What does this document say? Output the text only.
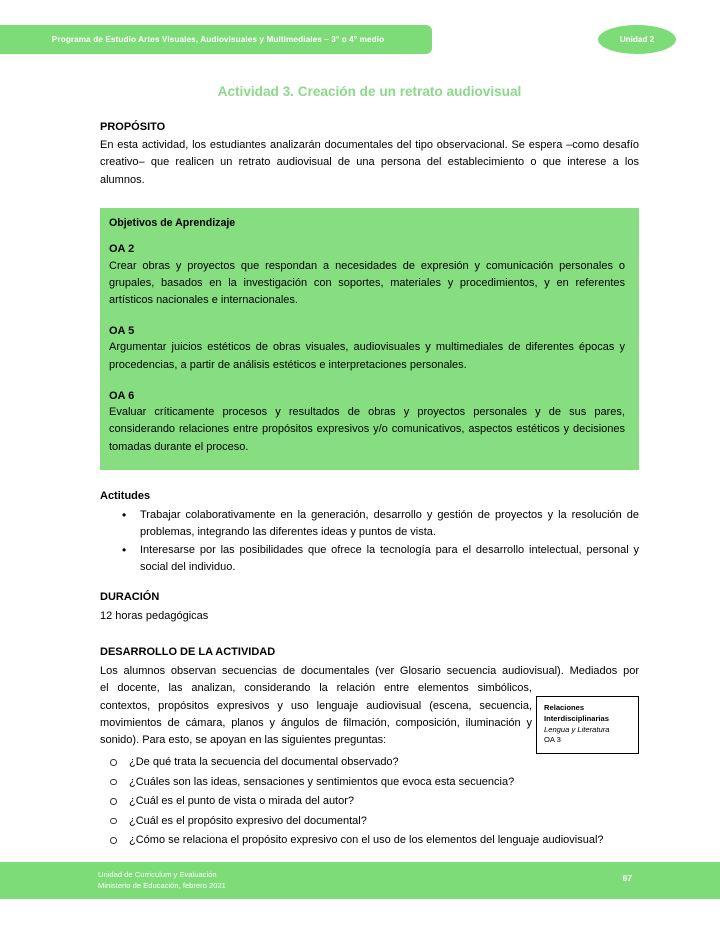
Programa de Estudio Artes Visuales, Audiovisuales y Multimediales – 3° o 4° medio	Unidad 2
Actividad 3. Creación de un retrato audiovisual
PROPÓSITO

En esta actividad, los estudiantes analizarán documentales del tipo observacional. Se espera –como desafío creativo– que realicen un retrato audiovisual de una persona del establecimiento o que interese a los alumnos.

Objetivos de Aprendizaje
OA 2

Crear obras y proyectos que respondan a necesidades de expresión y comunicación personales o grupales, basados en la investigación con soportes, materiales y procedimientos, y en referentes artísticos nacionales e internacionales.

OA 5

Argumentar juicios estéticos de obras visuales, audiovisuales y multimediales de diferentes épocas y procedencias, a partir de análisis estéticos e interpretaciones personales.

OA 6

Evaluar críticamente procesos y resultados de obras y proyectos personales y de sus pares, considerando relaciones entre propósitos expresivos y/o comunicativos, aspectos estéticos y decisiones tomadas durante el proceso.

Actitudes
• Trabajar colaborativamente en la generación, desarrollo y gestión de proyectos y la resolución de problemas, integrando las diferentes ideas y puntos de vista.
• Interesarse por las posibilidades que ofrece la tecnología para el desarrollo intelectual, personal y social del individuo.
DURACIÓN

12 horas pedagógicas

DESARROLLO DE LA ACTIVIDAD
Relaciones
Interdisciplinarias
Lengua y Literatura
OA 3

Los alumnos observan secuencias de documentales (ver Glosario secuencia audiovisual). Mediados por el docente, las analizan, considerando la relación entre elementos simbólicos, contextos, propósitos expresivos y uso lenguaje audiovisual (escena, secuencia, movimientos de cámara, planos y ángulos de filmación, composición, iluminación y sonido). Para esto, se apoyan en las siguientes preguntas:

¿De qué trata la secuencia del documental observado?
¿Cuáles son las ideas, sensaciones y sentimientos que evoca esta secuencia?
¿Cuál es el punto de vista o mirada del autor?
¿Cuál es el propósito expresivo del documental?
¿Cómo se relaciona el propósito expresivo con el uso de los elementos del lenguaje audiovisual?
Unidad de Curriculum y Evaluación
Ministerio de Educación, febrero 2021
67
